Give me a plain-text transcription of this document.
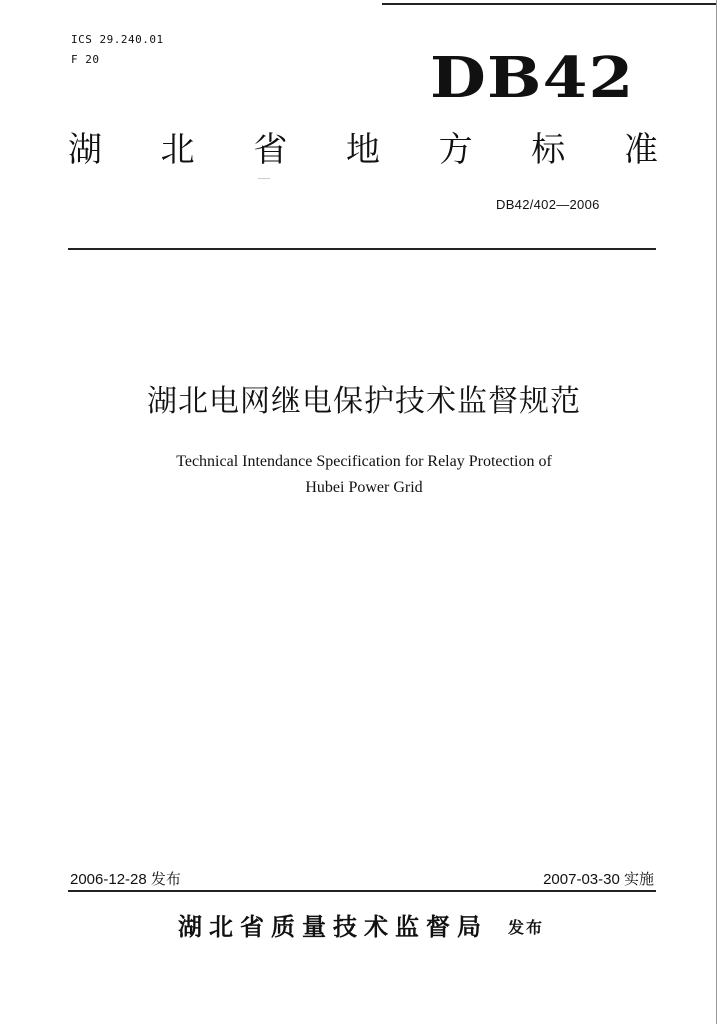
ICS 29.240.01
F 20	DB42
湖 北 省 地 方 标 准
DB42/402—2006
湖北电网继电保护技术监督规范
Technical Intendance Specification for Relay Protection of
Hubei Power Grid
2006-12-28 发布	2007-03-30 实施
湖北省质量技术监督局 发布
